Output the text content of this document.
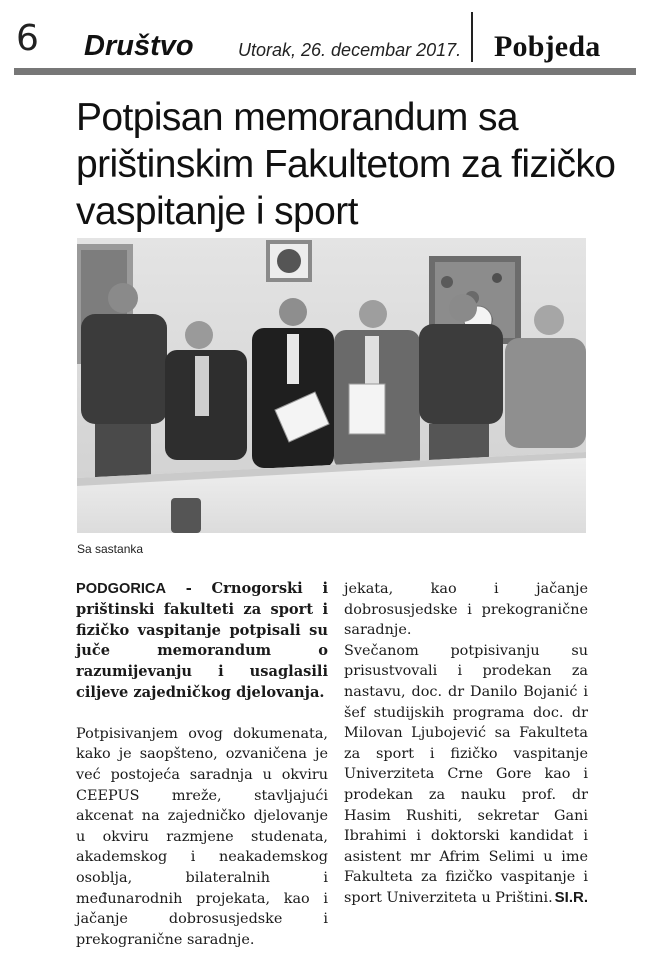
6 Društvo Utorak, 26. decembar 2017. Pobjeda
Potpisan memorandum sa prištinskim Fakultetom za fizičko vaspitanje i sport
Sa sastanka

PODGORICA - Crnogorski i prištinski fakulteti za sport i fizičko vaspitanje potpisali su juče memorandum o razumijevanju i usaglasili ciljeve zajedničkog djelovanja.

Potpisivanjem ovog dokumenata, kako je saopšteno, ozvaničena je već postojeća saradnja u okviru CEEPUS mreže, stavljajući akcenat na zajedničko djelovanje u okviru razmjene studenata, akademskog i neakademskog osoblja, bilateralnih i međunarodnih projekata, kao i jačanje dobrosusjedske i prekogranične saradnje.

jekata, kao i jačanje dobrosusjedske i prekogranične saradnje.

Svečanom potpisivanju su prisustvovali i prodekan za nastavu, doc. dr Danilo Bojanić i šef studijskih programa doc. dr Milovan Ljubojević sa Fakulteta za sport i fizičko vaspitanje Univerziteta Crne Gore kao i prodekan za nauku prof. dr Hasim Rushiti, sekretar Gani Ibrahimi i doktorski kandidat i asistent mr Afrim Selimi u ime Fakulteta za fizičko vaspitanje i sport Univerziteta u Prištini. SI.R.
